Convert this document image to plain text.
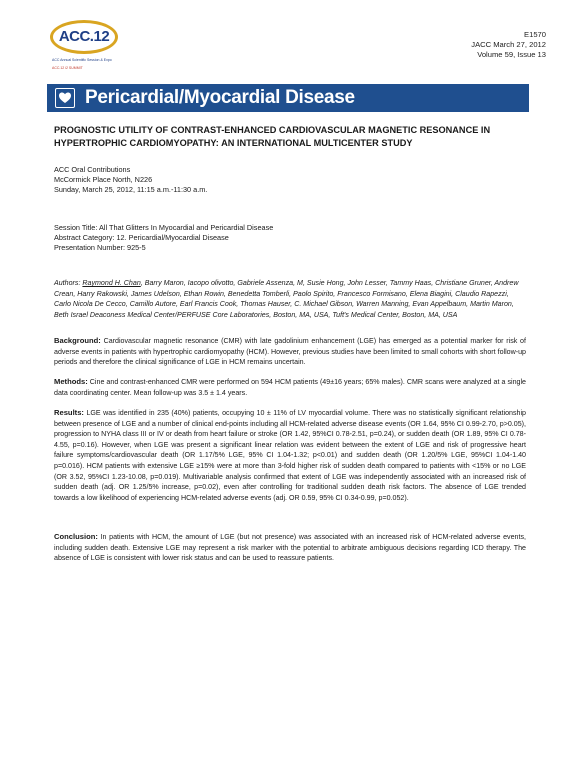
ACC.12
ACC Annual Scientific Session & Expo
ACC.12 i2 SUMMIT
E1570
JACC March 27, 2012
Volume 59, Issue 13
Pericardial/Myocardial Disease
PROGNOSTIC UTILITY OF CONTRAST-ENHANCED CARDIOVASCULAR MAGNETIC RESONANCE IN HYPERTROPHIC CARDIOMYOPATHY: AN INTERNATIONAL MULTICENTER STUDY
ACC Oral Contributions
McCormick Place North, N226
Sunday, March 25, 2012, 11:15 a.m.-11:30 a.m.
Session Title: All That Glitters In Myocardial and Pericardial Disease
Abstract Category: 12. Pericardial/Myocardial Disease
Presentation Number: 925-5
Authors: Raymond H. Chan, Barry Maron, Iacopo olivotto, Gabriele Assenza, M, Susie Hong, John Lesser, Tammy Haas, Christiane Gruner, Andrew Crean, Harry Rakowski, James Udelson, Ethan Rowin, Benedetta Tomberli, Paolo Spirito, Francesco Formisano, Elena Biagini, Claudio Rapezzi, Carlo Nicola De Cecco, Camillo Autore, Earl Francis Cook, Thomas Hauser, C. Michael Gibson, Warren Manning, Evan Appelbaum, Martin Maron, Beth Israel Deaconess Medical Center/PERFUSE Core Laboratories, Boston, MA, USA, Tuft's Medical Center, Boston, MA, USA
Background: Cardiovascular magnetic resonance (CMR) with late gadolinium enhancement (LGE) has emerged as a potential marker for risk of adverse events in patients with hypertrophic cardiomyopathy (HCM). However, previous studies have been limited to small cohorts with short follow-up periods and therefore the clinical significance of LGE in HCM remains uncertain.
Methods: Cine and contrast-enhanced CMR were performed on 594 HCM patients (49±16 years; 65% males). CMR scans were analyzed at a single data coordinating center. Mean follow-up was 3.5 ± 1.4 years.
Results: LGE was identified in 235 (40%) patients, occupying 10 ± 11% of LV myocardial volume. There was no statistically significant relationship between presence of LGE and a number of clinical end-points including all HCM-related adverse disease events (OR 1.64, 95% CI 0.99-2.70, p>0.05), progression to NYHA class III or IV or death from heart failure or stroke (OR 1.42, 95%CI 0.78-2.51, p=0.24), or sudden death (OR 1.89, 95% CI 0.78-4.55, p=0.16). However, when LGE was present a significant linear relation was evident between the extent of LGE and risk of progressive heart failure symptoms/cardiovascular death (OR 1.17/5% LGE, 95% CI 1.04-1.32; p<0.01) and sudden death (OR 1.20/5% LGE, 95%CI 1.04-1.40 p=0.016). HCM patients with extensive LGE ≥15% were at more than 3-fold higher risk of sudden death compared to patients with <15% or no LGE (OR 3.52, 95%CI 1.23-10.08, p=0.019). Multivariable analysis confirmed that extent of LGE was independently associated with an increased risk of sudden death (adj. OR 1.25/5% increase, p=0.02), even after controlling for traditional sudden death risk factors. The absence of LGE trended towards a low likelihood of experiencing HCM-related adverse events (adj. OR 0.59, 95% CI 0.34-0.99, p=0.052).
Conclusion: In patients with HCM, the amount of LGE (but not presence) was associated with an increased risk of HCM-related adverse events, including sudden death. Extensive LGE may represent a risk marker with the potential to arbitrate ambiguous decisions regarding ICD therapy. The absence of LGE is consistent with lower risk status and can be used to reassure patients.
